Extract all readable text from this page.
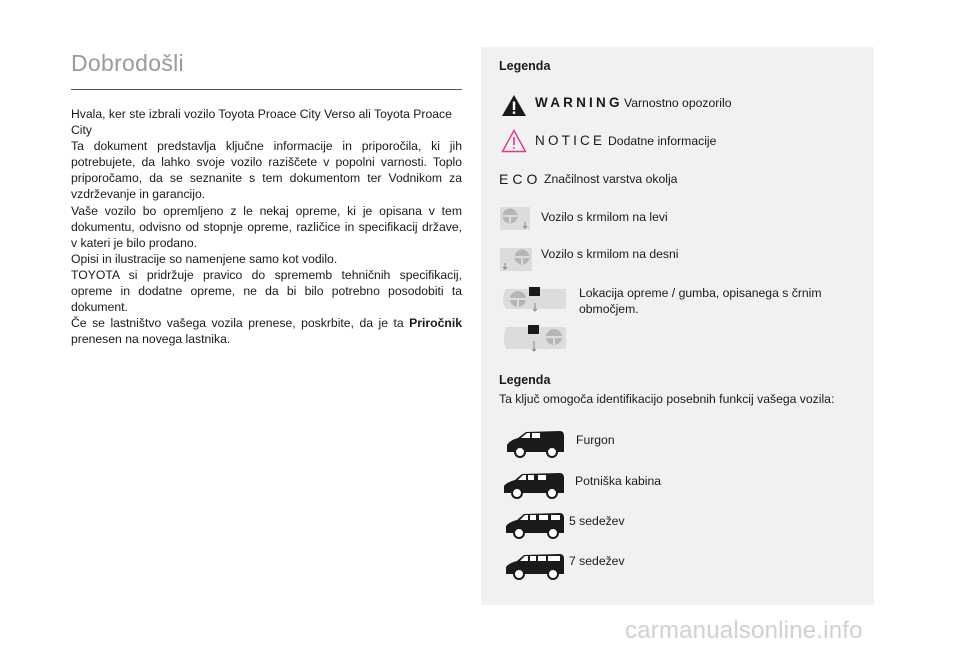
Dobrodošli

Hvala, ker ste izbrali vozilo Toyota Proace City Verso ali Toyota Proace City

Ta dokument predstavlja ključne informacije in priporočila, ki jih potrebujete, da lahko svoje vozilo raziščete v popolni varnosti. Toplo priporočamo, da se seznanite s tem dokumentom ter Vodnikom za vzdrževanje in garancijo.

Vaše vozilo bo opremljeno z le nekaj opreme, ki je opisana v tem dokumentu, odvisno od stopnje opreme, različice in specifikacij države, v kateri je bilo prodano.

Opisi in ilustracije so namenjene samo kot vodilo.

TOYOTA si pridržuje pravico do sprememb tehničnih specifikacij, opreme in dodatne opreme, ne da bi bilo potrebno posodobiti ta dokument.

Če se lastništvo vašega vozila prenese, poskrbite, da je ta Priročnik prenesen na novega lastnika.

Legenda
WARNING Varnostno opozorilo
NOTICE Dodatne informacije
ECO Značilnost varstva okolja
Vozilo s krmilom na levi
Vozilo s krmilom na desni
Lokacija opreme / gumba, opisanega s črnim območjem.
Legenda
Ta ključ omogoča identifikacijo posebnih funkcij vašega vozila:
Furgon
Potniška kabina
5 sedežev
7 sedežev
carmanualsonline.info
